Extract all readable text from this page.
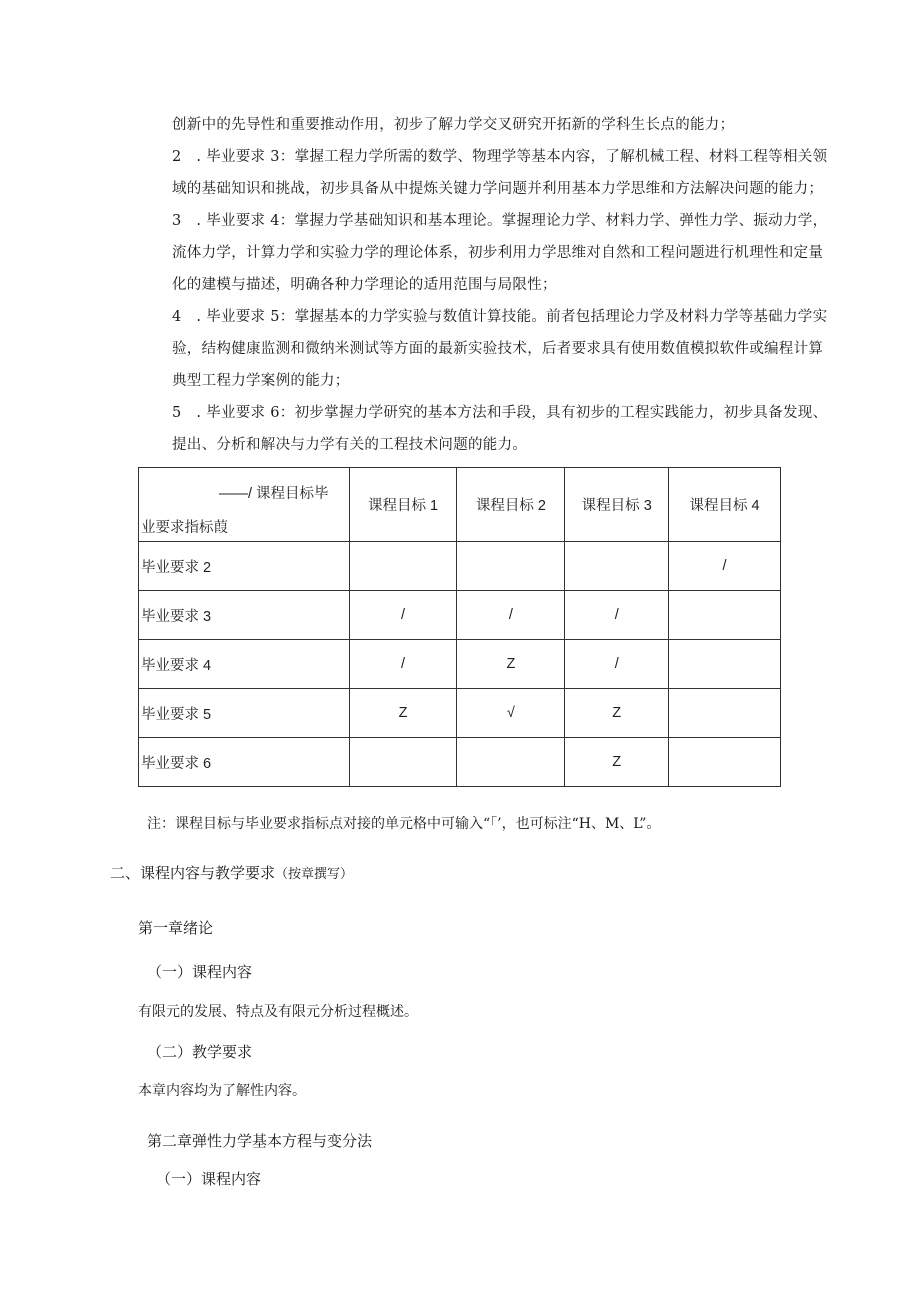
创新中的先导性和重要推动作用，初步了解力学交叉研究开拓新的学科生长点的能力；

2　. 毕业要求 3：掌握工程力学所需的数学、物理学等基本内容，了解机械工程、材料工程等相关领

域的基础知识和挑战，初步具备从中提炼关键力学问题并利用基本力学思维和方法解决问题的能力；

3　. 毕业要求 4：掌握力学基础知识和基本理论。掌握理论力学、材料力学、弹性力学、振动力学，

流体力学，计算力学和实验力学的理论体系，初步利用力学思维对自然和工程问题进行机理性和定量

化的建模与描述，明确各种力学理论的适用范围与局限性；

4　. 毕业要求 5：掌握基本的力学实验与数值计算技能。前者包括理论力学及材料力学等基础力学实

验，结构健康监测和微纳米测试等方面的最新实验技术，后者要求具有使用数值模拟软件或编程计算

典型工程力学案例的能力；

5　. 毕业要求 6：初步掌握力学研究的基本方法和手段，具有初步的工程实践能力，初步具备发现、

提出、分析和解决与力学有关的工程技术问题的能力。

——/ 课程目标毕
业要求指标葭	课程目标 1	课程目标 2	课程目标 3	课程目标 4
毕业要求 2				/
毕业要求 3	/	/	/	
毕业要求 4	/	Z	/	
毕业要求 5	Z	√	Z	
毕业要求 6			Z	
注：课程目标与毕业要求指标点对接的单元格中可输入“「’，也可标注“H、M、L”。
二、课程内容与教学要求（按章撰写）
第一章绪论
（一）课程内容
有限元的发展、特点及有限元分析过程概述。
（二）教学要求
本章内容均为了解性内容。
第二章弹性力学基本方程与变分法
（一）课程内容
